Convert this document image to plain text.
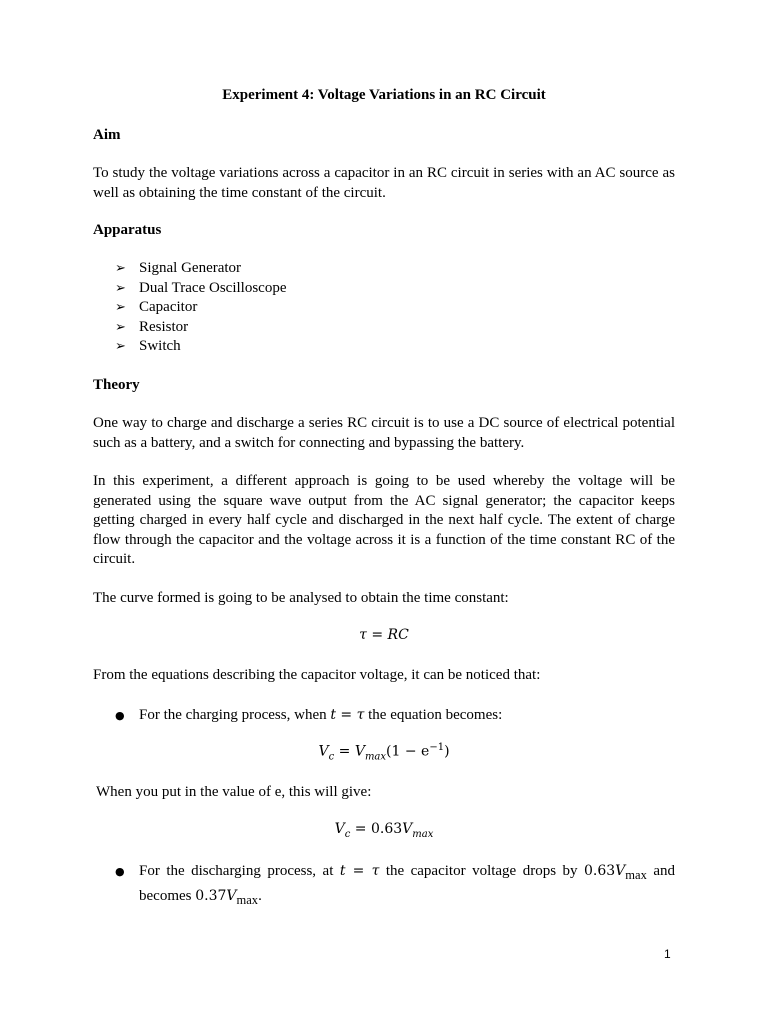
Experiment 4: Voltage Variations in an RC Circuit
Aim
To study the voltage variations across a capacitor in an RC circuit in series with an AC source as well as obtaining the time constant of the circuit.
Apparatus
➢ Signal Generator
➢ Dual Trace Oscilloscope
➢ Capacitor
➢ Resistor
➢ Switch
Theory
One way to charge and discharge a series RC circuit is to use a DC source of electrical potential such as a battery, and a switch for connecting and bypassing the battery.
In this experiment, a different approach is going to be used whereby the voltage will be generated using the square wave output from the AC signal generator; the capacitor keeps getting charged in every half cycle and discharged in the next half cycle. The extent of charge flow through the capacitor and the voltage across it is a function of the time constant RC of the circuit.
The curve formed is going to be analysed to obtain the time constant:
τ = RC
From the equations describing the capacitor voltage, it can be noticed that:
● For the charging process, when t = τ the equation becomes:
$V_c = V_{max}(1 - e^{-1})$
When you put in the value of e, this will give:
$V_c = 0.63V_{max}$
● For the discharging process, at t = τ the capacitor voltage drops by $0.63V_{max}$ and becomes $0.37V_{max}$.
1
